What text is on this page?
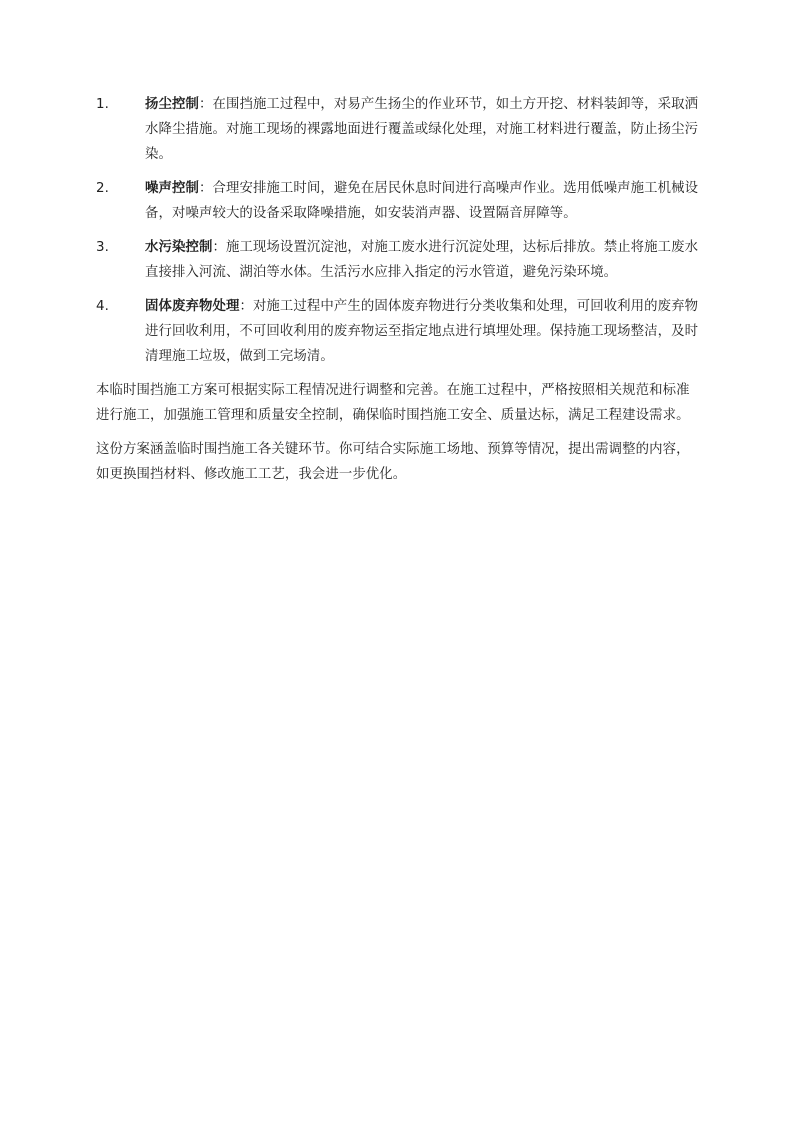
1.	扬尘控制：在围挡施工过程中，对易产生扬尘的作业环节，如土方开挖、材料装卸等，采取洒水降尘措施。对施工现场的裸露地面进行覆盖或绿化处理，对施工材料进行覆盖，防止扬尘污染。
2.	噪声控制：合理安排施工时间，避免在居民休息时间进行高噪声作业。选用低噪声施工机械设备，对噪声较大的设备采取降噪措施，如安装消声器、设置隔音屏障等。
3.	水污染控制：施工现场设置沉淀池，对施工废水进行沉淀处理，达标后排放。禁止将施工废水直接排入河流、湖泊等水体。生活污水应排入指定的污水管道，避免污染环境。
4.	固体废弃物处理：对施工过程中产生的固体废弃物进行分类收集和处理，可回收利用的废弃物进行回收利用，不可回收利用的废弃物运至指定地点进行填埋处理。保持施工现场整洁，及时清理施工垃圾，做到工完场清。

本临时围挡施工方案可根据实际工程情况进行调整和完善。在施工过程中，严格按照相关规范和标准进行施工，加强施工管理和质量安全控制，确保临时围挡施工安全、质量达标，满足工程建设需求。

这份方案涵盖临时围挡施工各关键环节。你可结合实际施工场地、预算等情况，提出需调整的内容，如更换围挡材料、修改施工工艺，我会进一步优化。
